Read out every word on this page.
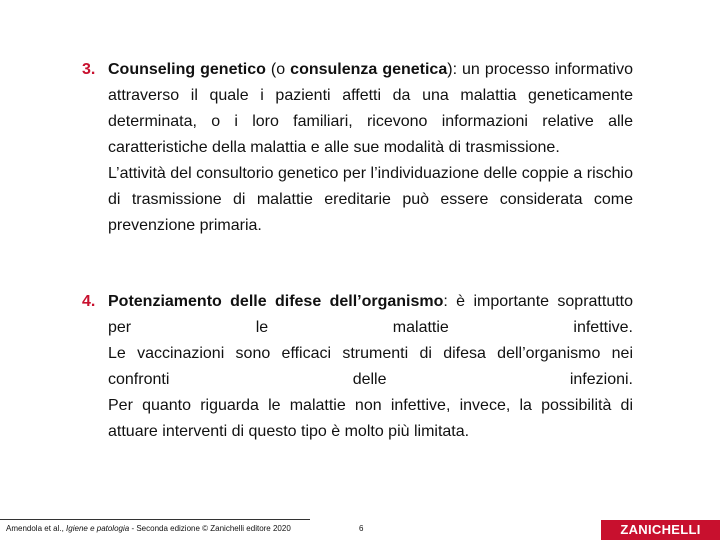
3. Counseling genetico (o consulenza genetica): un processo informativo attraverso il quale i pazienti affetti da una malattia geneticamente determinata, o i loro familiari, ricevono informazioni relative alle caratteristiche della malattia e alle sue modalità di trasmissione.

L’attività del consultorio genetico per l’individuazione delle coppie a rischio di trasmissione di malattie ereditarie può essere considerata come prevenzione primaria.

4. Potenziamento delle difese dell’organismo: è importante soprattutto per le malattie infettive.

Le vaccinazioni sono efficaci strumenti di difesa dell’organismo nei confronti delle infezioni.

Per quanto riguarda le malattie non infettive, invece, la possibilità di attuare interventi di questo tipo è molto più limitata.

Amendola et al., Igiene e patologia - Seconda edizione © Zanichelli editore 2020	6	ZANICHELLI
